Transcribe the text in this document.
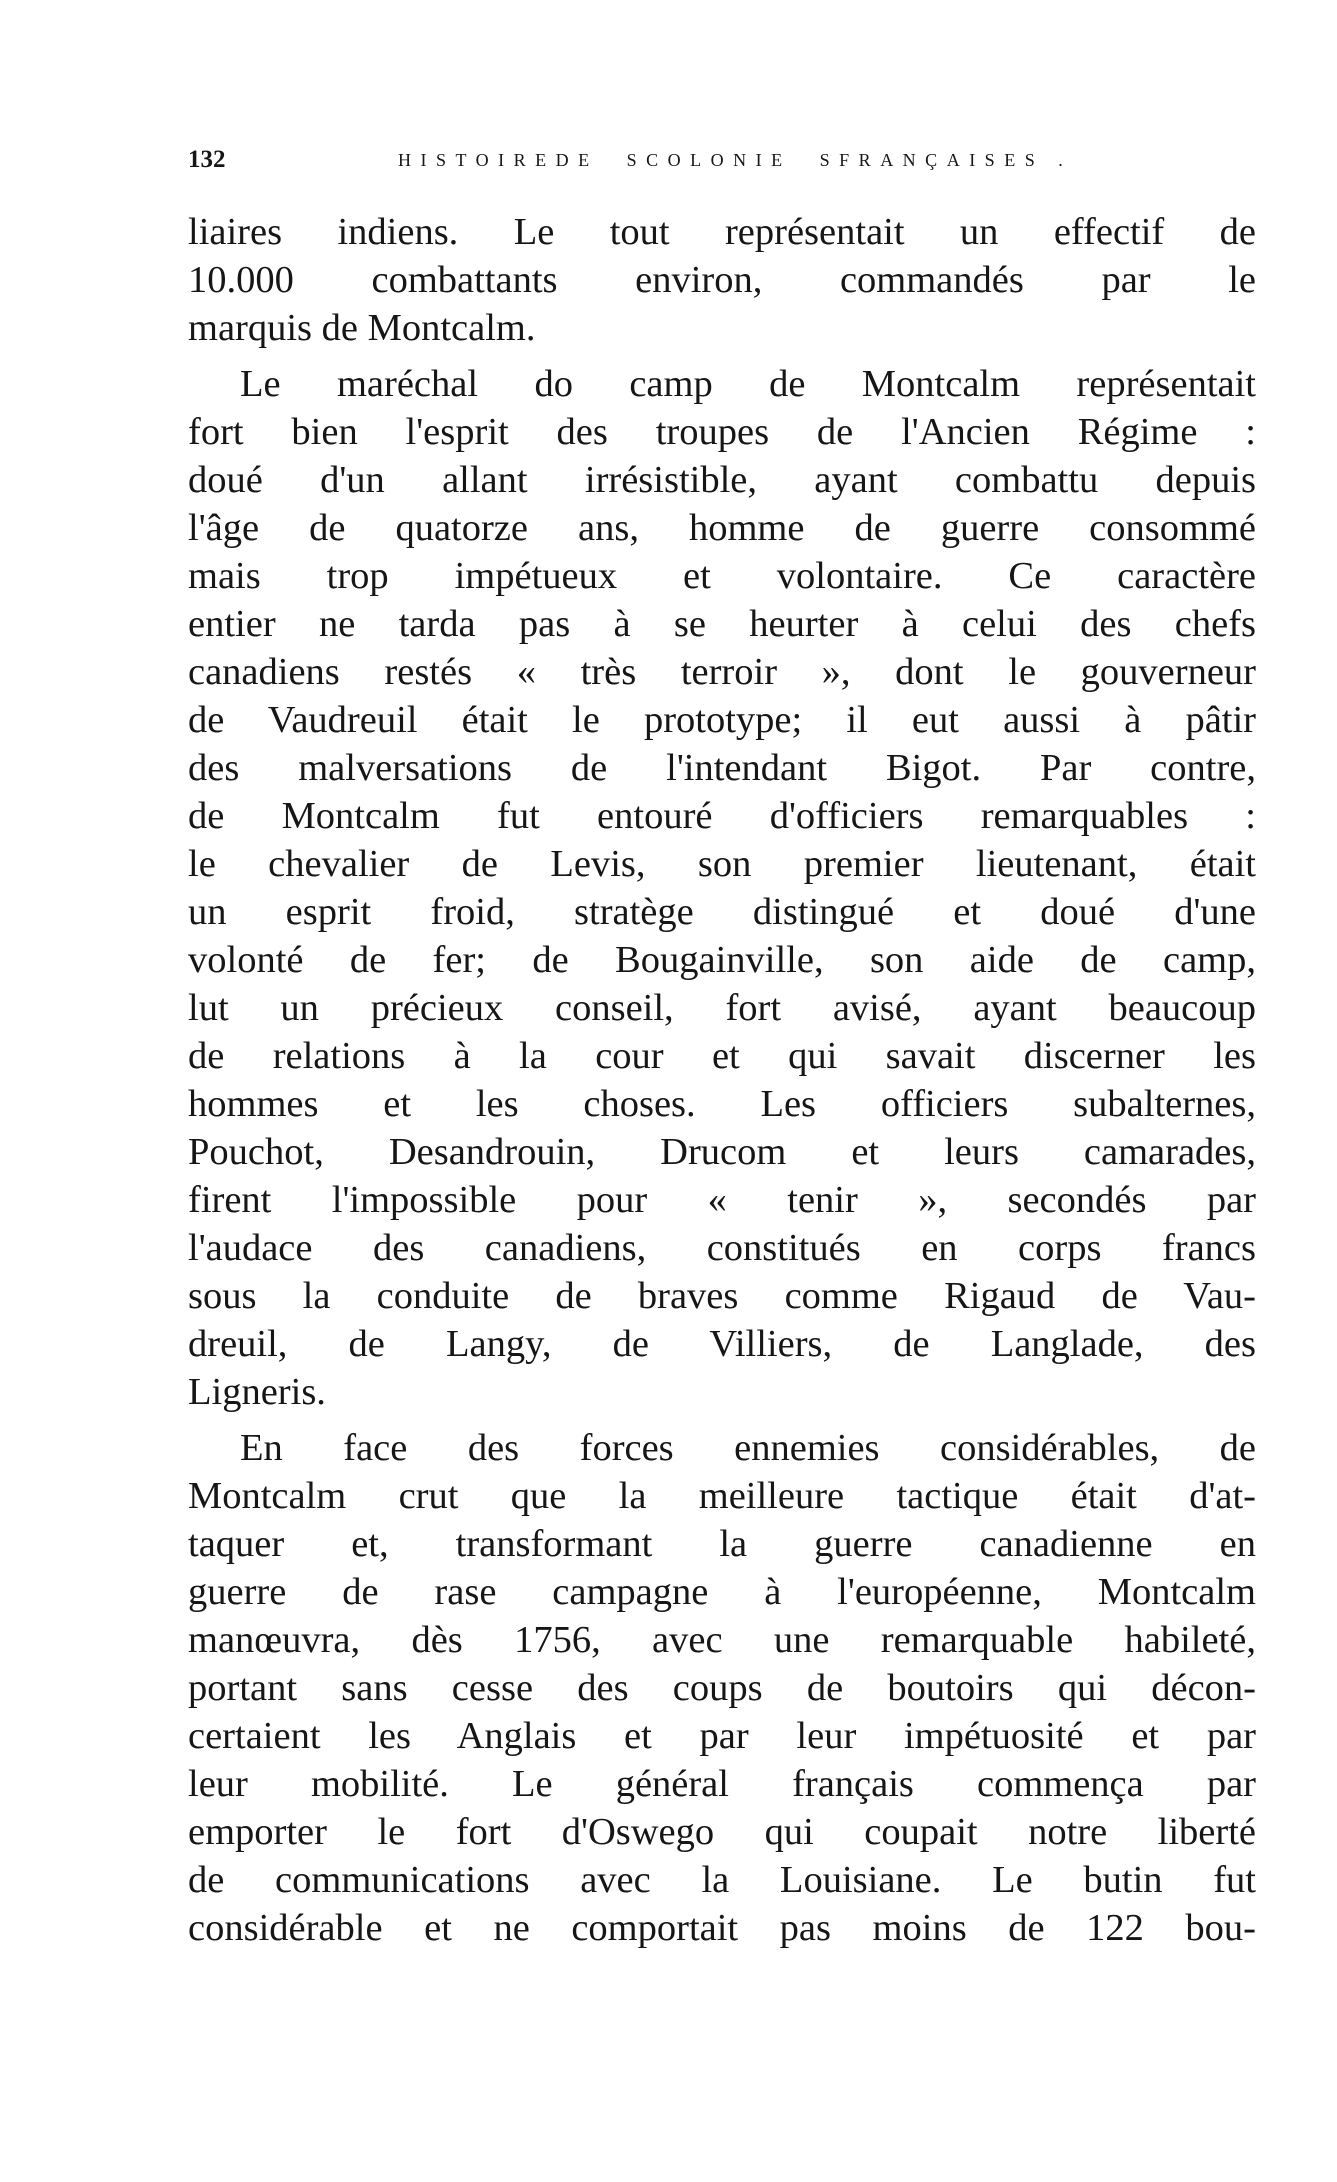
132	HISTOIREDE  SCOLONIE  SFRANÇAISES .
liaires indiens. Le tout représentait un effectif de
10.000 combattants environ, commandés par le
marquis de Montcalm.
Le maréchal do camp de Montcalm représentait
fort bien l'esprit des troupes de l'Ancien Régime :
doué d'un allant irrésistible, ayant combattu depuis
l'âge de quatorze ans, homme de guerre consommé
mais trop impétueux et volontaire. Ce caractère
entier ne tarda pas à se heurter à celui des chefs
canadiens restés « très terroir », dont le gouverneur
de Vaudreuil était le prototype; il eut aussi à pâtir
des malversations de l'intendant Bigot. Par contre,
de Montcalm fut entouré d'officiers remarquables :
le chevalier de Levis, son premier lieutenant, était
un esprit froid, stratège distingué et doué d'une
volonté de fer; de Bougainville, son aide de camp,
lut un précieux conseil, fort avisé, ayant beaucoup
de relations à la cour et qui savait discerner les
hommes et les choses. Les officiers subalternes,
Pouchot, Desandrouin, Drucom et leurs camarades,
firent l'impossible pour « tenir », secondés par
l'audace des canadiens, constitués en corps francs
sous la conduite de braves comme Rigaud de Vau-
dreuil, de Langy, de Villiers, de Langlade, des
Ligneris.
En face des forces ennemies considérables, de
Montcalm crut que la meilleure tactique était d'at-
taquer et, transformant la guerre canadienne en
guerre de rase campagne à l'européenne, Montcalm
manœuvra, dès 1756, avec une remarquable habileté,
portant sans cesse des coups de boutoirs qui décon-
certaient les Anglais et par leur impétuosité et par
leur mobilité. Le général français commença par
emporter le fort d'Oswego qui coupait notre liberté
de communications avec la Louisiane. Le butin fut
considérable et ne comportait pas moins de 122 bou-
